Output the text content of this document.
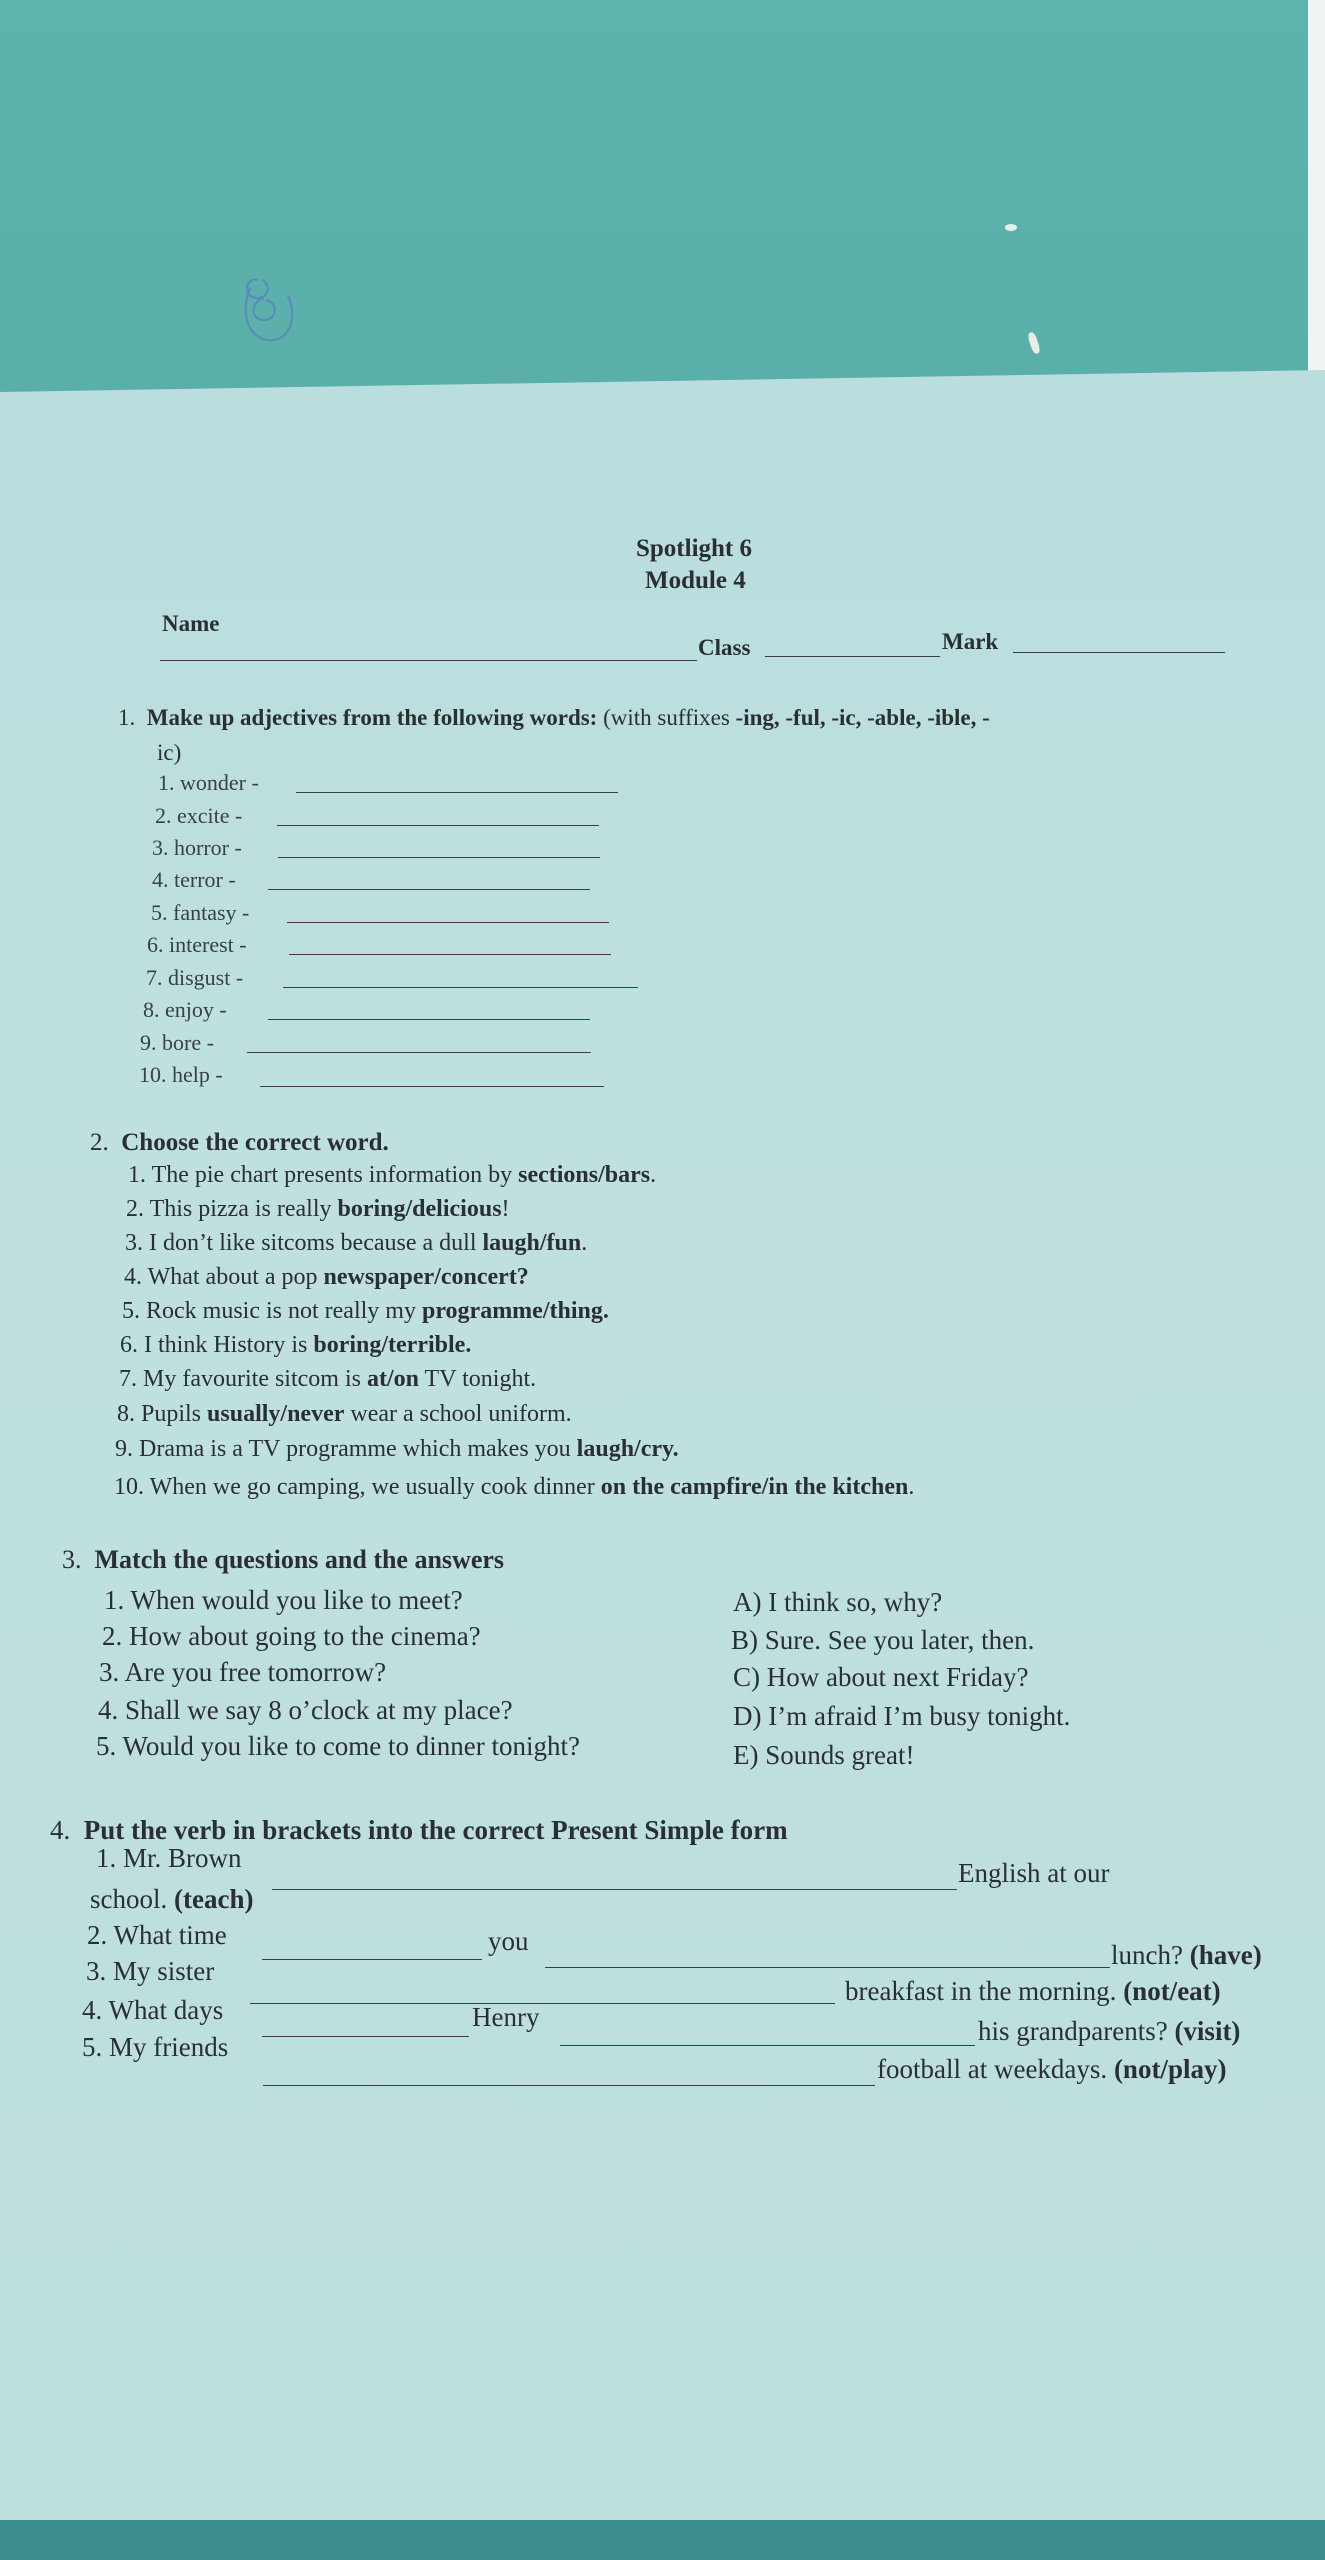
Spotlight 6
Module 4
Name
Class	Mark
1. Make up adjectives from the following words: (with suffixes -ing, -ful, -ic, -able, -ible, -
ic)
1. wonder -
2. excite -
3. horror -
4. terror -
5. fantasy -
6. interest -
7. disgust -
8. enjoy -
9. bore -
10. help -
2. Choose the correct word.
1. The pie chart presents information by sections/bars.
2. This pizza is really boring/delicious!
3. I don’t like sitcoms because a dull laugh/fun.
4. What about a pop newspaper/concert?
5. Rock music is not really my programme/thing.
6. I think History is boring/terrible.
7. My favourite sitcom is at/on TV tonight.
8. Pupils usually/never wear a school uniform.
9. Drama is a TV programme which makes you laugh/cry.
10. When we go camping, we usually cook dinner on the campfire/in the kitchen.
3. Match the questions and the answers
1. When would you like to meet?
2. How about going to the cinema?
3. Are you free tomorrow?
4. Shall we say 8 o’clock at my place?
5. Would you like to come to dinner tonight?
A) I think so, why?
B) Sure. See you later, then.
C) How about next Friday?
D) I’m afraid I’m busy tonight.
E) Sounds great!
4. Put the verb in brackets into the correct Present Simple form
1. Mr. Brown	English at our
school. (teach)
2. What time	you	lunch? (have)
3. My sister
breakfast in the morning. (not/eat)
4. What days	Henry	his grandparents? (visit)
5. My friends
football at weekdays. (not/play)
